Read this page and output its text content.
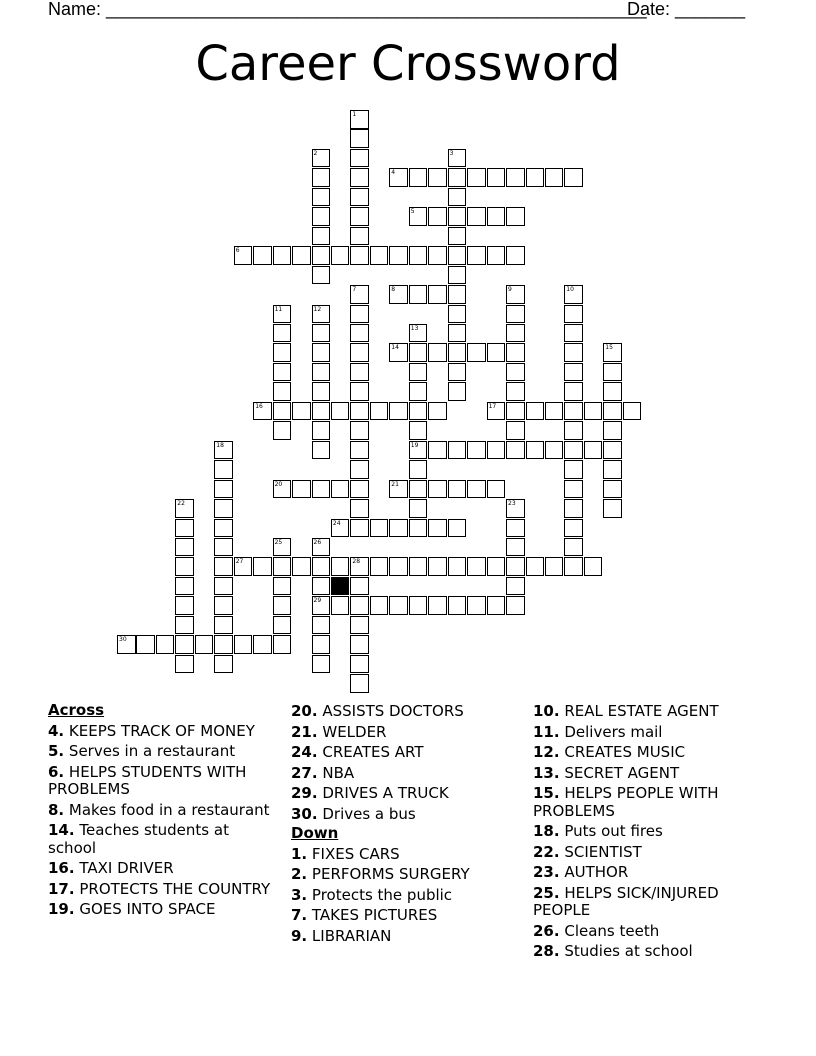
Name: ______________________________________________________
Date: _______
Career Crossword
1
2	3
4
5
6
7	8	9	10
11	12
13
19
14	15
16	17
18
20	21
22	23
24
25	26
29
27	28
30
Across
4. KEEPS TRACK OF MONEY
5. Serves in a restaurant
6. HELPS STUDENTS WITH PROBLEMS
8. Makes food in a restaurant
14. Teaches students at school
16. TAXI DRIVER
17. PROTECTS THE COUNTRY
19. GOES INTO SPACE
20. ASSISTS DOCTORS
21. WELDER
24. CREATES ART
27. NBA
29. DRIVES A TRUCK
30. Drives a bus
Down
1. FIXES CARS
2. PERFORMS SURGERY
3. Protects the public
7. TAKES PICTURES
9. LIBRARIAN
10. REAL ESTATE AGENT
11. Delivers mail
12. CREATES MUSIC
13. SECRET AGENT
15. HELPS PEOPLE WITH PROBLEMS
18. Puts out fires
22. SCIENTIST
23. AUTHOR
25. HELPS SICK/INJURED PEOPLE
26. Cleans teeth
28. Studies at school
